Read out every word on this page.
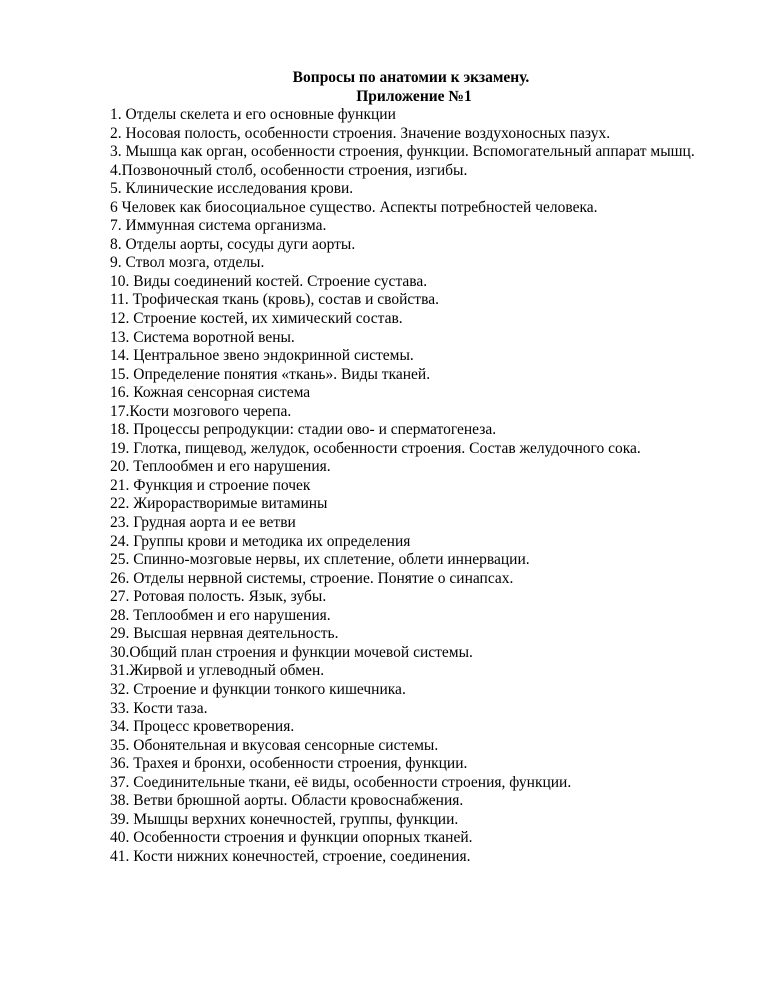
Вопросы по анатомии к экзамену.
Приложение №1
1. Отделы скелета и его основные функции
2. Носовая полость, особенности строения. Значение воздухоносных пазух.
3. Мышца как орган, особенности строения, функции. Вспомогательный аппарат мышц.
4.Позвоночный столб, особенности строения, изгибы.
5. Клинические исследования крови.
6 Человек как биосоциальное существо. Аспекты потребностей человека.
7. Иммунная система организма.
8. Отделы аорты, сосуды дуги аорты.
9. Ствол мозга, отделы.
10. Виды соединений костей. Строение сустава.
11. Трофическая ткань (кровь), состав и свойства.
12. Строение костей, их химический состав.
13. Система воротной вены.
14. Центральное звено эндокринной системы.
15. Определение понятия «ткань». Виды тканей.
16. Кожная сенсорная система
17.Кости мозгового черепа.
18. Процессы репродукции: стадии ово- и сперматогенеза.
19. Глотка, пищевод, желудок, особенности строения. Состав желудочного сока.
20. Теплообмен и его нарушения.
21. Функция и строение почек
22. Жирорастворимые витамины
23. Грудная аорта и ее ветви
24. Группы крови и методика их определения
25. Спинно-мозговые нервы, их сплетение, облети иннервации.
26. Отделы нервной системы, строение. Понятие о синапсах.
27. Ротовая полость. Язык, зубы.
28. Теплообмен и его нарушения.
29. Высшая нервная деятельность.
30.Общий план строения и функции мочевой системы.
31.Жирвой и углеводный обмен.
32. Строение и функции тонкого кишечника.
33. Кости таза.
34. Процесс кроветворения.
35. Обонятельная и вкусовая сенсорные системы.
36. Трахея и бронхи, особенности строения, функции.
37. Соединительные ткани, её виды, особенности строения, функции.
38. Ветви брюшной аорты. Области кровоснабжения.
39. Мышцы верхних конечностей, группы, функции.
40. Особенности строения и функции опорных тканей.
41. Кости нижних конечностей, строение, соединения.
